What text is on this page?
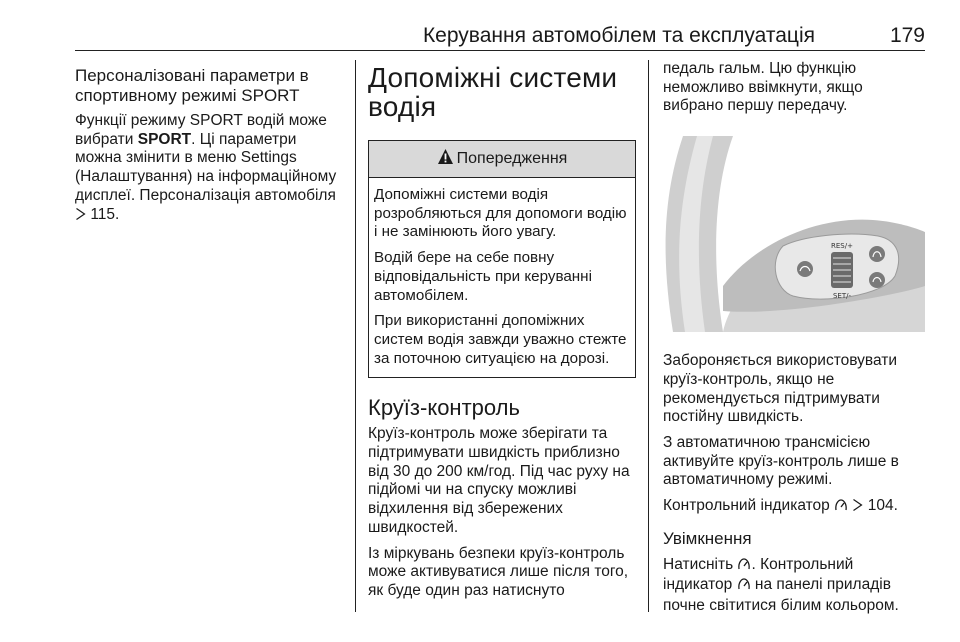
Керування автомобілем та експлуатація	179
Персоналізовані параметри в спортивному режимі SPORT

Функції режиму SPORT водій може вибрати SPORT. Ці параметри можна змінити в меню Settings (Налаштування) на інформаційному дисплеї. Персоналізація автомобіля  115.

Допоміжні системи водія
Попередження

Допоміжні системи водія розробляються для допомоги водію і не замінюють його увагу.

Водій бере на себе повну відповідальність при керуванні автомобілем.

При використанні допоміжних систем водія завжди уважно стежте за поточною ситуацією на дорозі.

Круїз-контроль

Круїз-контроль може зберігати та підтримувати швидкість приблизно від 30 до 200 км/год. Під час руху на підйомі чи на спуску можливі відхилення від збережених швидкостей.

Із міркувань безпеки круїз-контроль може активуватися лише після того, як буде один раз натиснуто

педаль гальм. Цю функцію неможливо ввімкнути, якщо вибрано першу передачу.

RES/+
SET/-

Забороняється використовувати круїз-контроль, якщо не рекомендується підтримувати постійну швидкість.

З автоматичною трансмісією активуйте круїз-контроль лише в автоматичному режимі.

Контрольний індикатор 104.

Увімкнення

Натисніть . Контрольний індикатор на панелі приладів почне світитися білим кольором.
